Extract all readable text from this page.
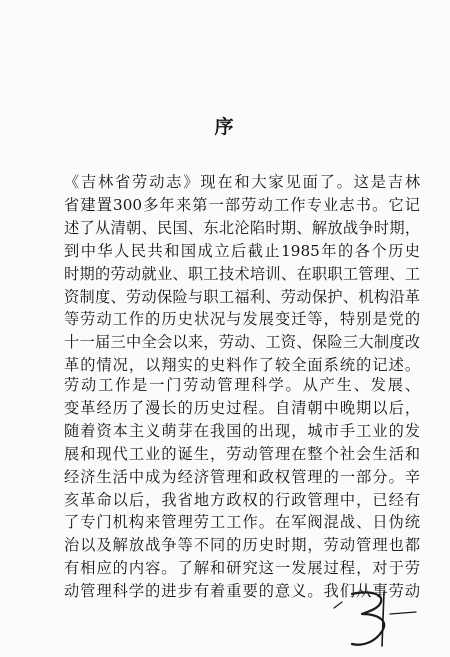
序
《吉林省劳动志》现在和大家见面了。这是吉林
省建置300多年来第一部劳动工作专业志书。它记
述了从清朝、民国、东北沦陷时期、解放战争时期，
到中华人民共和国成立后截止1985年的各个历史
时期的劳动就业、职工技术培训、在职职工管理、工
资制度、劳动保险与职工福利、劳动保护、机构沿革
等劳动工作的历史状况与发展变迁等，特别是党的
十一届三中全会以来，劳动、工资、保险三大制度改
革的情况，以翔实的史料作了较全面系统的记述。
劳动工作是一门劳动管理科学。从产生、发展、
变革经历了漫长的历史过程。自清朝中晚期以后，
随着资本主义萌芽在我国的出现，城市手工业的发
展和现代工业的诞生，劳动管理在整个社会生活和
经济生活中成为经济管理和政权管理的一部分。辛
亥革命以后，我省地方政权的行政管理中，已经有
了专门机构来管理劳工工作。在军阀混战、日伪统
治以及解放战争等不同的历史时期，劳动管理也都
有相应的内容。了解和研究这一发展过程，对于劳
动管理科学的进步有着重要的意义。我们从事劳动
